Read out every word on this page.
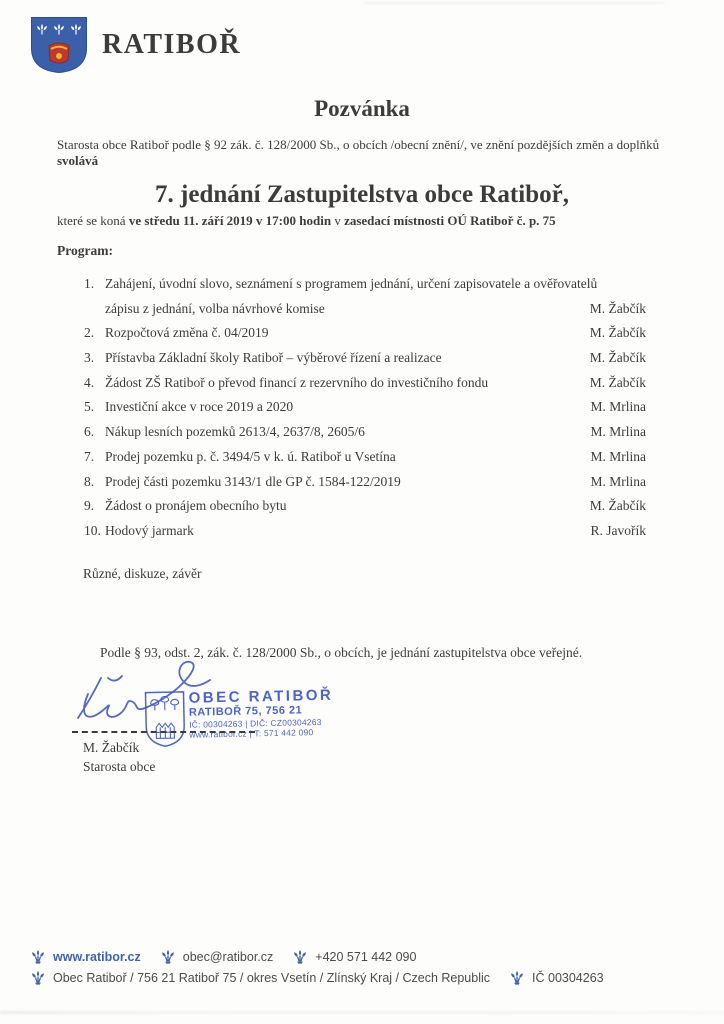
RATIBOŘ
Pozvánka

Starosta obce Ratiboř podle § 92 zák. č. 128/2000 Sb., o obcích /obecní znění/, ve znění pozdějších změn a doplňků svolává

7. jednání Zastupitelstva obce Ratiboř,

které se koná ve středu 11. září 2019 v 17:00 hodin v zasedací místnosti OÚ Ratiboř č. p. 75

Program:

1. Zahájení, úvodní slovo, seznámení s programem jednání, určení zapisovatele a ověřovatelů
zápisu z jednání, volba návrhové komise	M. Žabčík
2. Rozpočtová změna č. 04/2019	M. Žabčík
3. Přístavba Základní školy Ratiboř – výběrové řízení a realizace	M. Žabčík
4. Žádost ZŠ Ratiboř o převod financí z rezervního do investičního fondu	M. Žabčík
5. Investiční akce v roce 2019 a 2020	M. Mrlina
6. Nákup lesních pozemků 2613/4, 2637/8, 2605/6	M. Mrlina
7. Prodej pozemku p. č. 3494/5 v k. ú. Ratiboř u Vsetína	M. Mrlina
8. Prodej části pozemku 3143/1 dle GP č. 1584-122/2019	M. Mrlina
9. Žádost o pronájem obecního bytu	M. Žabčík
10. Hodový jarmark	R. Javořík

Různé, diskuze, závěr

Podle § 93, odst. 2, zák. č. 128/2000 Sb., o obcích, je jednání zastupitelstva obce veřejné.

OBEC RATIBOŘ
RATIBOŘ 75, 756 21
IČ: 00304263 | DIČ: CZ00304263
www.ratibor.cz | T: 571 442 090
M. Žabčík
Starosta obce
www.ratibor.cz	obec@ratibor.cz	+420 571 442 090
Obec Ratiboř / 756 21 Ratiboř 75 / okres Vsetín / Zlínský Kraj / Czech Republic	IČ 00304263
